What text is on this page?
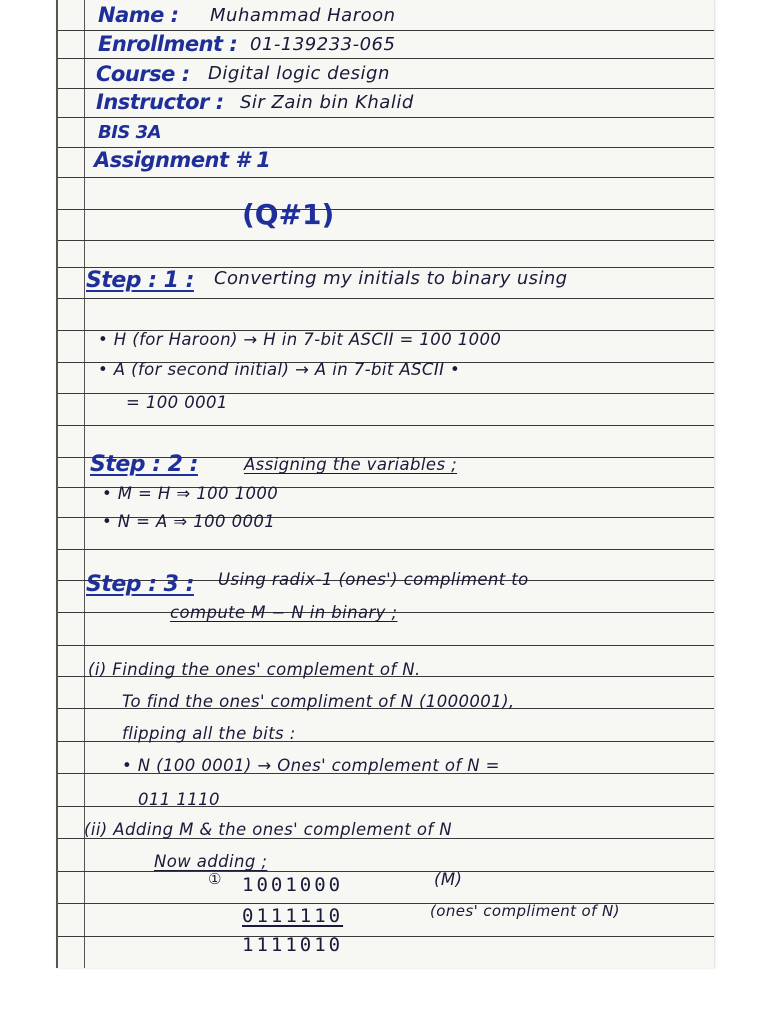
Name : Muhammad Haroon
Enrollment : 01-139233-065
Course : Digital logic design
Instructor : Sir Zain bin Khalid
BIS 3A
Assignment # 1
(Q#1)
Step : 1 : Converting my initials to binary using
• H (for Haroon) → H in 7-bit ASCII = 100 1000
• A (for second initial) → A in 7-bit ASCII •
= 100 0001
Step : 2 :	Assigning the variables ;
• M = H ⇒ 100 1000
• N = A ⇒ 100 0001
Step : 3 : Using radix-1 (ones') compliment to
compute M − N in binary ;
(i) Finding the ones' complement of N.
To find the ones' compliment of N (1000001),
flipping all the bits :
• N (100 0001) → Ones' complement of N =
011 1110
(ii) Adding M & the ones' complement of N
Now adding ;
① 1001000	(M)
0111110	(ones' compliment of N)
1111010
